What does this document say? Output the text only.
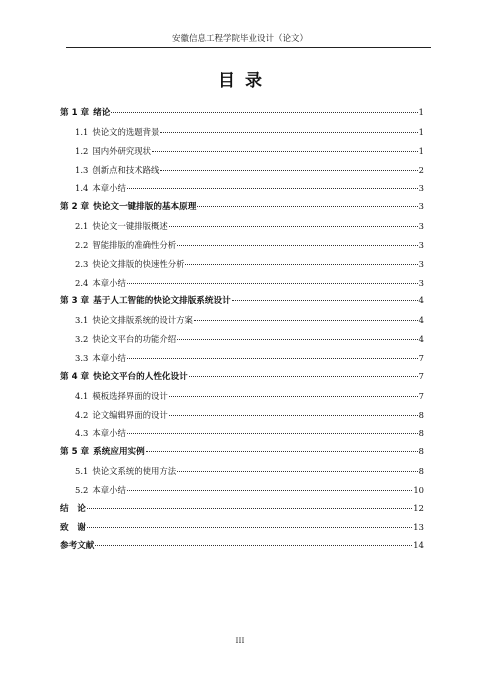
安徽信息工程学院毕业设计（论文）
目录
第 1 章 绪论	1
1.1 快论文的选题背景	1
1.2 国内外研究现状	1
1.3 创新点和技术路线	2
1.4 本章小结	3
第 2 章 快论文一键排版的基本原理	3
2.1 快论文一键排版概述	3
2.2 智能排版的准确性分析	3
2.3 快论文排版的快速性分析	3
2.4 本章小结	3
第 3 章 基于人工智能的快论文排版系统设计	4
3.1 快论文排版系统的设计方案	4
3.2 快论文平台的功能介绍	4
3.3 本章小结	7
第 4 章 快论文平台的人性化设计	7
4.1 模板选择界面的设计	7
4.2 论文编辑界面的设计	8
4.3 本章小结	8
第 5 章 系统应用实例	8
5.1 快论文系统的使用方法	8
5.2 本章小结	10
结　论	12
致　谢	13
参考文献	14
III
